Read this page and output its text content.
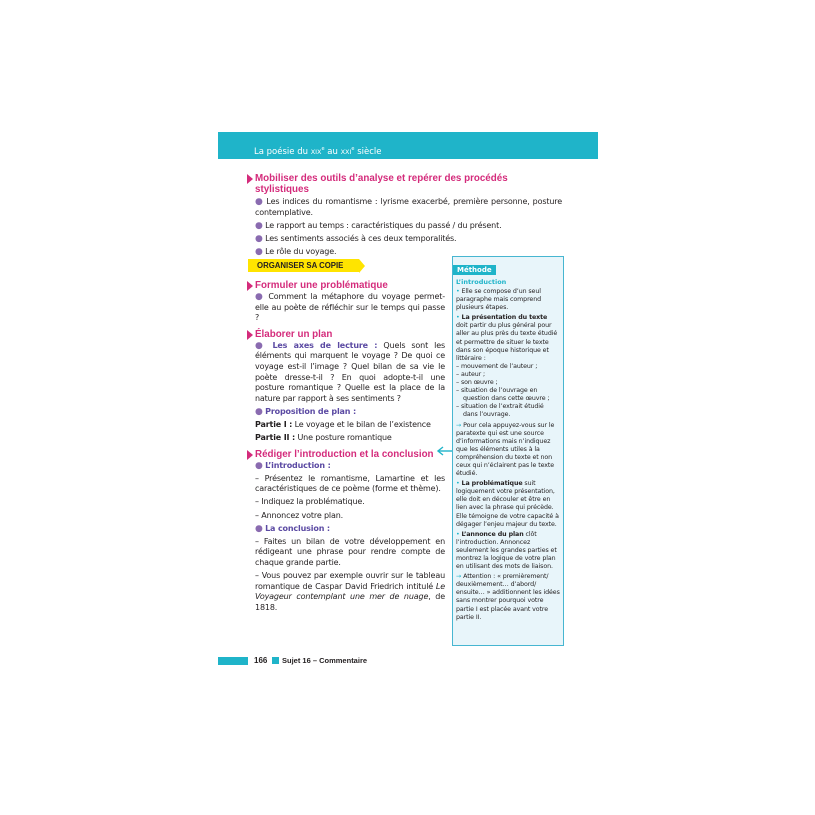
La poésie du XIXe au XXIe siècle
Mobiliser des outils d’analyse et repérer des procédés stylistiques
● Les indices du romantisme : lyrisme exacerbé, première personne, posture contemplative.
● Le rapport au temps : caractéristiques du passé / du présent.
● Les sentiments associés à ces deux temporalités.
● Le rôle du voyage.
ORGANISER SA COPIE
Formuler une problématique
● Comment la métaphore du voyage permet-elle au poète de réfléchir sur le temps qui passe ?
Élaborer un plan
● Les axes de lecture : Quels sont les éléments qui marquent le voyage ? De quoi ce voyage est-il l’image ? Quel bilan de sa vie le poète dresse-t-il ? En quoi adopte-t-il une posture romantique ? Quelle est la place de la nature par rapport à ses sentiments ?
● Proposition de plan :
Partie I : Le voyage et le bilan de l’existence
Partie II : Une posture romantique
Rédiger l’introduction et la conclusion
● L’introduction :
– Présentez le romantisme, Lamartine et les caractéristiques de ce poème (forme et thème).
– Indiquez la problématique.
– Annoncez votre plan.
● La conclusion :
– Faites un bilan de votre développement en rédigeant une phrase pour rendre compte de chaque grande partie.
– Vous pouvez par exemple ouvrir sur le tableau romantique de Caspar David Friedrich intitulé Le Voyageur contemplant une mer de nuage, de 1818.
Méthode
L’introduction
• Elle se compose d’un seul paragraphe mais comprend plusieurs étapes.
• La présentation du texte doit partir du plus général pour aller au plus près du texte étudié et permettre de situer le texte dans son époque historique et littéraire :
– mouvement de l’auteur ;
– auteur ;
– son œuvre ;
– situation de l’ouvrage en
question dans cette œuvre ;
– situation de l’extrait étudié
dans l’ouvrage.
→ Pour cela appuyez-vous sur le paratexte qui est une source d’informations mais n’indiquez que les éléments utiles à la compréhension du texte et non ceux qui n’éclairent pas le texte étudié.
• La problématique suit logiquement votre présentation, elle doit en découler et être en lien avec la phrase qui précède. Elle témoigne de votre capacité à dégager l’enjeu majeur du texte.
• L’annonce du plan clôt l’introduction. Annoncez seulement les grandes parties et montrez la logique de votre plan en utilisant des mots de liaison.
→ Attention : « premièrement/ deuxièmement… d’abord/ ensuite… » additionnent les idées sans montrer pourquoi votre partie I est placée avant votre partie II.
166 Sujet 16 – Commentaire
